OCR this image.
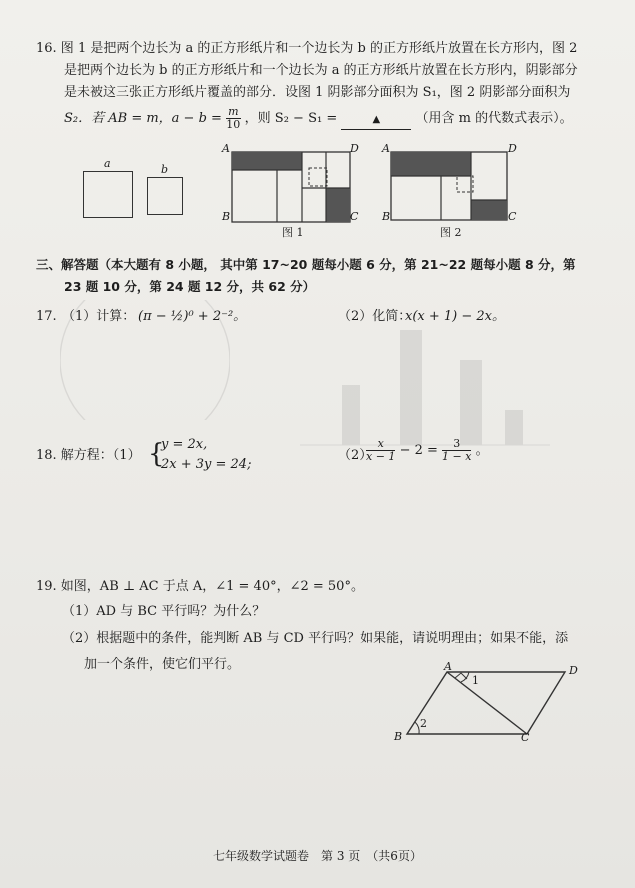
16. 图 1 是把两个边长为 a 的正方形纸片和一个边长为 b 的正方形纸片放置在长方形内，图 2
是把两个边长为 b 的正方形纸片和一个边长为 a 的正方形纸片放置在长方形内，阴影部分
是未被这三张正方形纸片覆盖的部分．设图 1 阴影部分面积为 S₁，图 2 阴影部分面积为
S₂．若 AB = m，$a - b = \frac{m}{10}$ ，则 S₂ − S₁ =	▲	（用含 m 的代数式表示）。
a	b
A	D
B	C
图 1
A	D
B	C
图 2
三、解答题（本大题有 8 小题， 其中第 17~20 题每小题 6 分，第 21~22 题每小题 8 分，第
23 题 10 分，第 24 题 12 分，共 62 分）
17. （1）计算： (π − ½)⁰ + 2⁻²。	（2）化简：
x(x + 1) − 2x。
18. 解方程：（1） {
y = 2x,
2x + 3y = 24;
（2）
$\frac{x}{x - 1} - 2 = \frac{3}{1 - x}$ 。
19. 如图，AB ⊥ AC 于点 A，∠1 = 40°，∠2 = 50°。
（1）AD 与 BC 平行吗？为什么？
（2）根据题中的条件，能判断 AB 与 CD 平行吗？如果能，请说明理由；如果不能，添
加一个条件，使它们平行。	A	D
B	C
1
2
七年级数学试题卷　第 3 页　（共6页）
